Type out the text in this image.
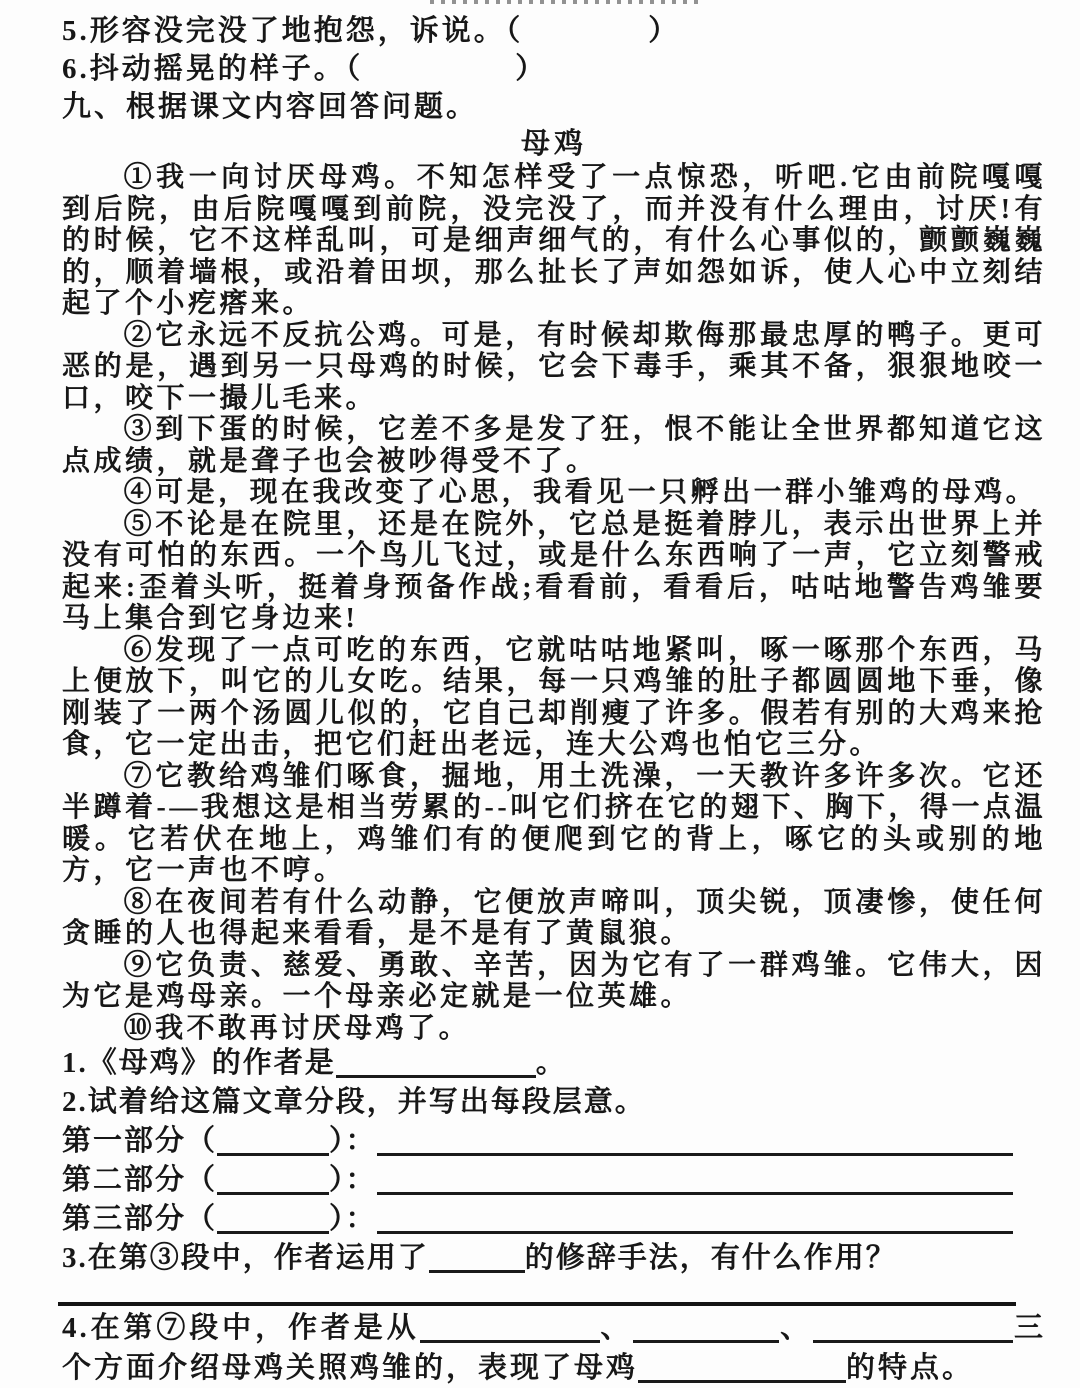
5.形容没完没了地抱怨，诉说。（	）
6.抖动摇晃的样子。（	）
九、根据课文内容回答问题。

母鸡

①我一向讨厌母鸡。不知怎样受了一点惊恐，听吧.它由前院嘎嘎到后院，由后院嘎嘎到前院，没完没了，而并没有什么理由，讨厌!有的时候，它不这样乱叫，可是细声细气的，有什么心事似的，颤颤巍巍的，顺着墙根，或沿着田坝，那么扯长了声如怨如诉，使人心中立刻结起了个小疙瘩来。

②它永远不反抗公鸡。可是，有时候却欺侮那最忠厚的鸭子。更可恶的是，遇到另一只母鸡的时候，它会下毒手，乘其不备，狠狠地咬一口，咬下一撮儿毛来。

③到下蛋的时候，它差不多是发了狂，恨不能让全世界都知道它这点成绩，就是聋子也会被吵得受不了。

④可是，现在我改变了心思，我看见一只孵出一群小雏鸡的母鸡。

⑤不论是在院里，还是在院外，它总是挺着脖儿，表示出世界上并没有可怕的东西。一个鸟儿飞过，或是什么东西响了一声，它立刻警戒起来:歪着头听，挺着身预备作战;看看前，看看后，咕咕地警告鸡雏要马上集合到它身边来!

⑥发现了一点可吃的东西，它就咕咕地紧叫，啄一啄那个东西，马上便放下，叫它的儿女吃。结果，每一只鸡雏的肚子都圆圆地下垂，像刚装了一两个汤圆儿似的，它自己却削瘦了许多。假若有别的大鸡来抢食，它一定出击，把它们赶出老远，连大公鸡也怕它三分。

⑦它教给鸡雏们啄食，掘地，用土洗澡，一天教许多许多次。它还半蹲着-—我想这是相当劳累的--叫它们挤在它的翅下、胸下，得一点温暖。它若伏在地上，鸡雏们有的便爬到它的背上，啄它的头或别的地方，它一声也不哼。

⑧在夜间若有什么动静，它便放声啼叫，顶尖锐，顶凄惨，使任何贪睡的人也得起来看看，是不是有了黄鼠狼。

⑨它负责、慈爱、勇敢、辛苦，因为它有了一群鸡雏。它伟大，因为它是鸡母亲。一个母亲必定就是一位英雄。

⑩我不敢再讨厌母鸡了。

1.《母鸡》的作者是	。
2.试着给这篇文章分段，并写出每段层意。
第一部分（	）：
第二部分（	）：
第三部分（	）：
3.在第③段中，作者运用了	的修辞手法，有什么作用？
4.在第⑦段中，作者是从	、	、	三个方面介绍母鸡关照鸡雏的，表现了母鸡	的特点。
